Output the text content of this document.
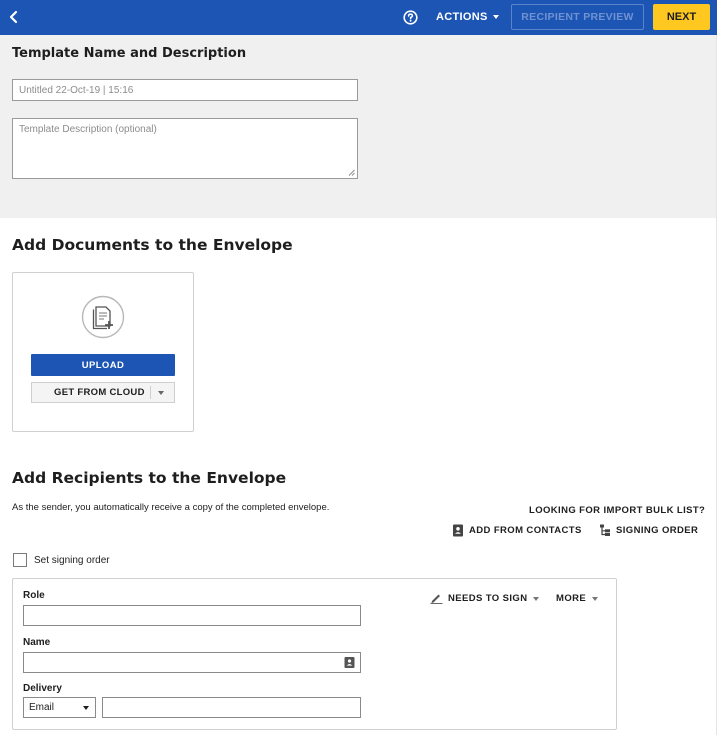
ACTIONS	RECIPIENT PREVIEW	NEXT
Template Name and Description
Untitled 22-Oct-19 | 15:16
Template Description (optional)
Add Documents to the Envelope
UPLOAD
GET FROM CLOUD
Add Recipients to the Envelope
As the sender, you automatically receive a copy of the completed envelope.	LOOKING FOR IMPORT BULK LIST?
ADD FROM CONTACTS	SIGNING ORDER
Set signing order
Role
Name
Delivery
Email
NEEDS TO SIGN	MORE
